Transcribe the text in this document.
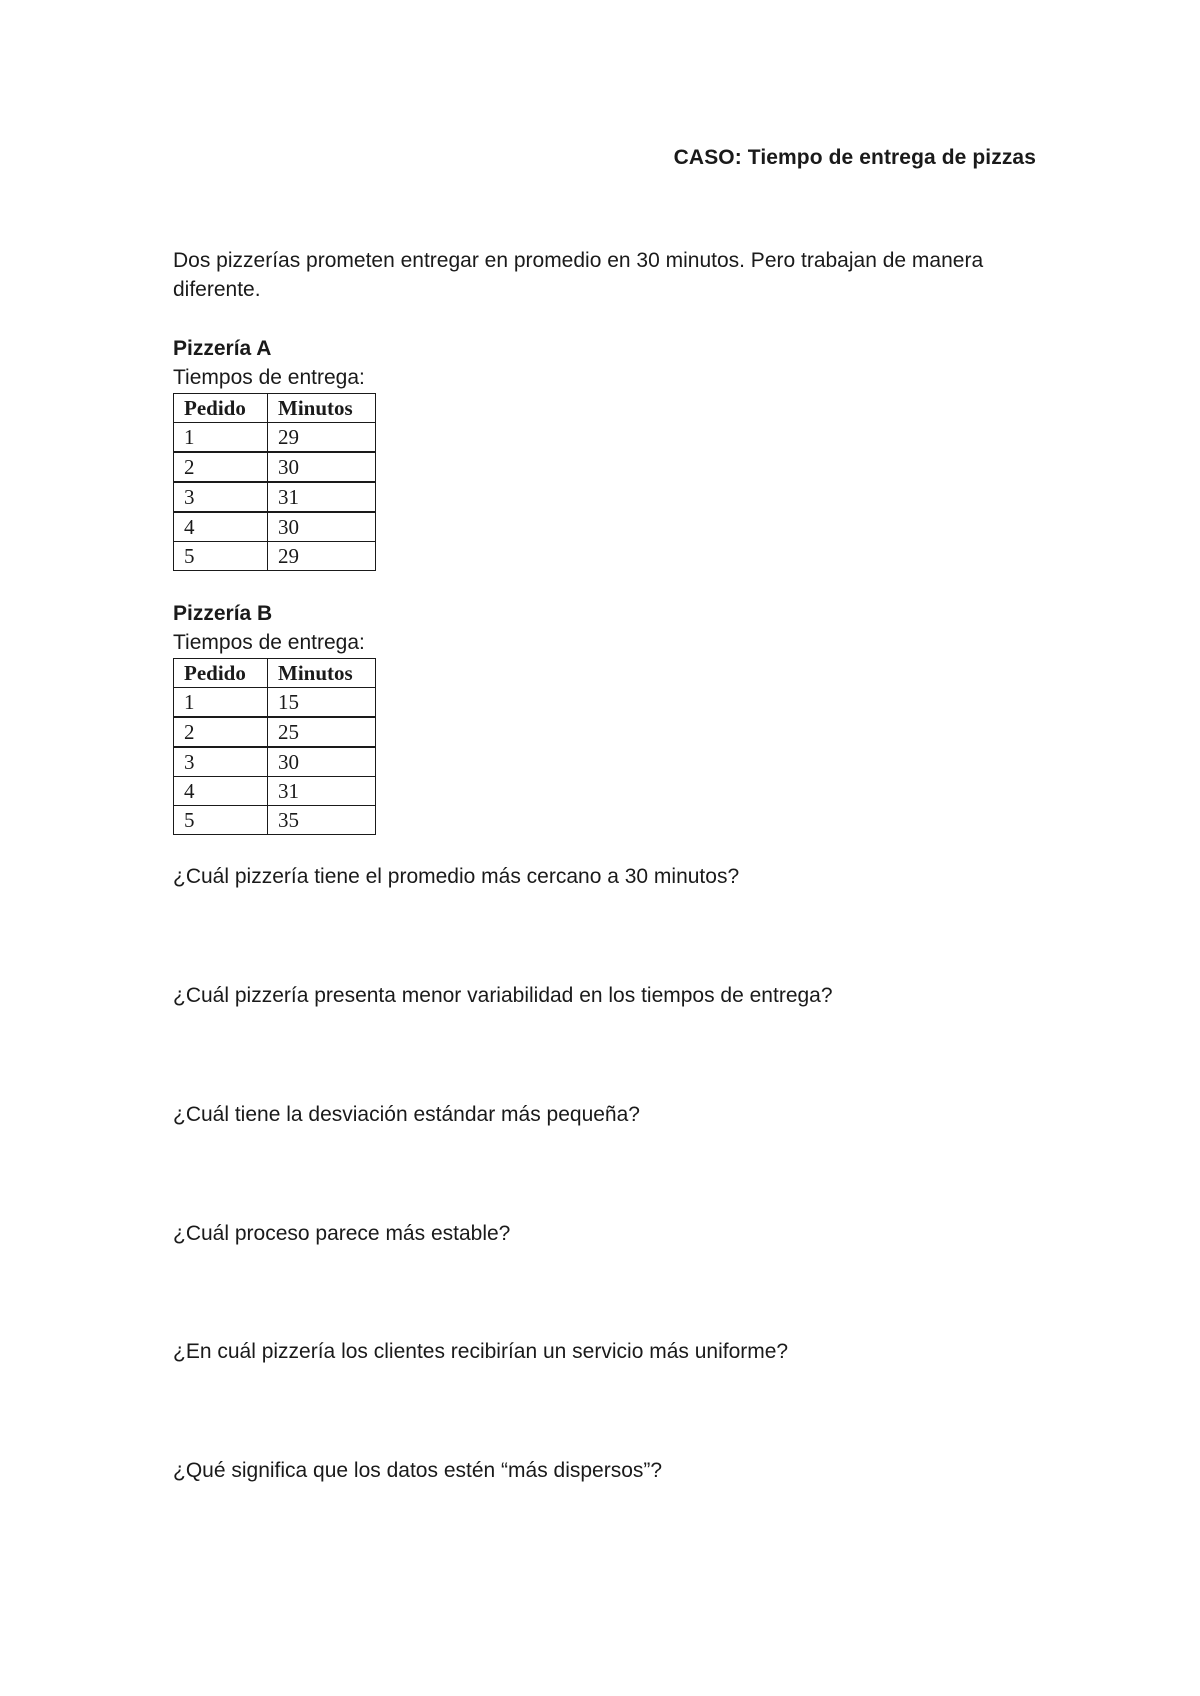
CASO: Tiempo de entrega de pizzas
Dos pizzerías prometen entregar en promedio en 30 minutos. Pero trabajan de manera diferente.
Pizzería A
Tiempos de entrega:
Pedido	Minutos
1	29
2	30
3	31
4	30
5	29
Pizzería B
Tiempos de entrega:
Pedido	Minutos
1	15
2	25
3	30
4	31
5	35
¿Cuál pizzería tiene el promedio más cercano a 30 minutos?
¿Cuál pizzería presenta menor variabilidad en los tiempos de entrega?
¿Cuál tiene la desviación estándar más pequeña?
¿Cuál proceso parece más estable?
¿En cuál pizzería los clientes recibirían un servicio más uniforme?
¿Qué significa que los datos estén “más dispersos”?
